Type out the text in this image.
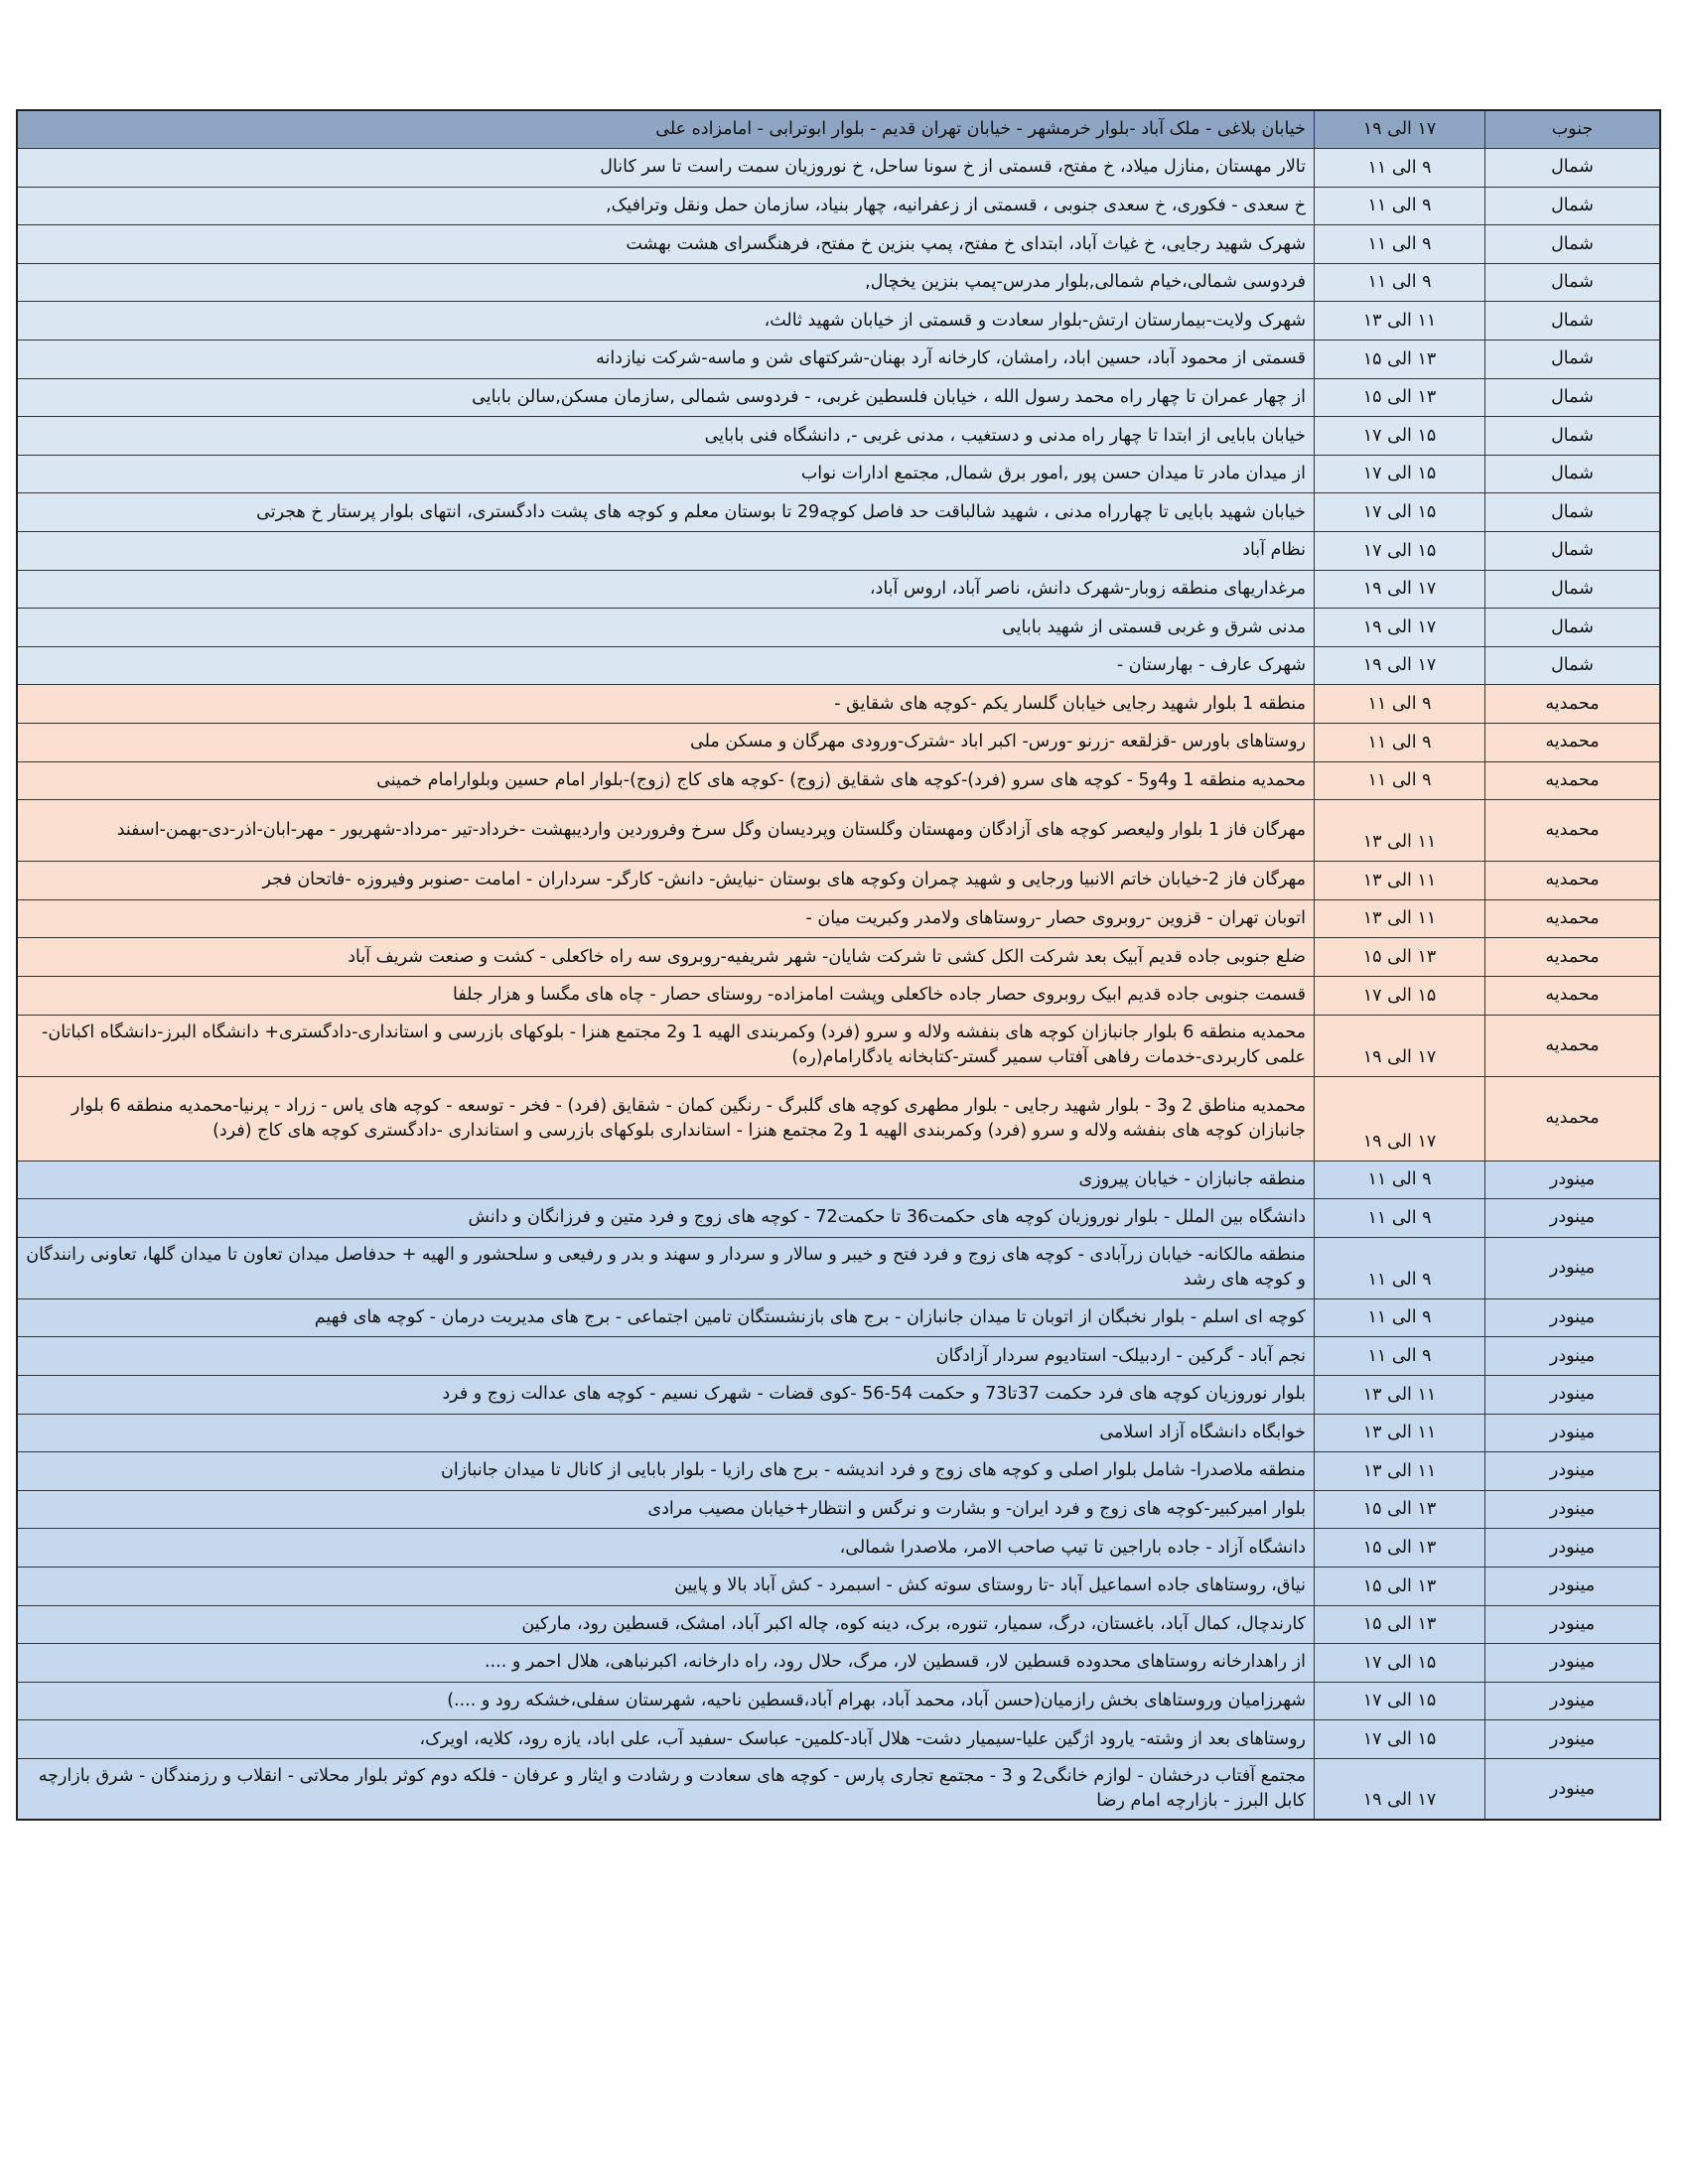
جنوب	۱۷ الی ۱۹	خیابان بلاغی - ملک آباد -بلوار خرمشهر - خیابان تهران قدیم - بلوار ابوترابی - امامزاده علی
شمال	۹ الی ۱۱	تالار مهستان ,منازل میلاد، خ مفتح، قسمتی از خ سونا ساحل، خ نوروزیان سمت راست تا سر کانال
شمال	۹ الی ۱۱	خ سعدی - فکوری، خ سعدی جنوبی ، قسمتی از زعفرانیه، چهار بنیاد، سازمان حمل ونقل وترافیک,
شمال	۹ الی ۱۱	شهرک شهید رجایی، خ غیاث آباد، ابتدای خ مفتح، پمپ بنزین خ مفتح، فرهنگسرای هشت بهشت
شمال	۹ الی ۱۱	فردوسی شمالی،خیام شمالی,بلوار مدرس-پمپ بنزین یخچال,
شمال	۱۱ الی ۱۳	شهرک ولایت-بیمارستان ارتش-بلوار سعادت و قسمتی از خیابان شهید ثالث،
شمال	۱۳ الی ۱۵	قسمتی از محمود آباد، حسین اباد، رامشان، کارخانه آرد بهنان-شرکتهای شن و ماسه-شرکت نیازدانه
شمال	۱۳ الی ۱۵	از چهار عمران تا چهار راه محمد رسول الله ، خیابان فلسطین غربی، - فردوسی شمالی ,سازمان مسکن,سالن بابایی
شمال	۱۵ الی ۱۷	خیابان بابایی از ابتدا تا چهار راه مدنی و دستغیب ، مدنی غربی -, دانشگاه فنی بابایی
شمال	۱۵ الی ۱۷	از میدان مادر تا میدان حسن پور ,امور برق شمال, مجتمع ادارات نواب
شمال	۱۵ الی ۱۷	خیابان شهید بابایی تا چهارراه مدنی ، شهید شالباقت حد فاصل کوچه29 تا بوستان معلم و کوچه های پشت دادگستری، انتهای بلوار پرستار خ هجرتی
شمال	۱۵ الی ۱۷	نظام آباد
شمال	۱۷ الی ۱۹	مرغداریهای منطقه زوبار-شهرک دانش، ناصر آباد، اروس آباد،
شمال	۱۷ الی ۱۹	مدنی شرق و غربی قسمتی از شهید بابایی
شمال	۱۷ الی ۱۹	شهرک عارف - بهارستان -
محمدیه	۹ الی ۱۱	منطقه 1 بلوار شهید رجایی خیابان گلسار یکم -کوچه های شقایق -
محمدیه	۹ الی ۱۱	روستاهای باورس -قزلقعه -زرنو -ورس- اکبر اباد -شترک-ورودی مهرگان و مسکن ملی
محمدیه	۹ الی ۱۱	محمدیه منطقه 1 و4و5 - کوچه های سرو (فرد)-کوچه های شقایق (زوج) -کوچه های کاج (زوج)-بلوار امام حسین وبلوارامام خمینی
محمدیه	۱۱ الی ۱۳	مهرگان فاز 1 بلوار ولیعصر کوچه های آزادگان ومهستان وگلستان وپردیسان وگل سرخ وفروردین واردیبهشت -خرداد-تیر -مرداد-شهریور - مهر-ابان-اذر-دی-بهمن-اسفند
محمدیه	۱۱ الی ۱۳	مهرگان فاز 2-خیابان خاتم الانبیا ورجایی و شهید چمران وکوچه های بوستان -نیایش- دانش- کارگر- سرداران - امامت -صنوبر وفیروزه -فاتحان فجر
محمدیه	۱۱ الی ۱۳	اتوبان تهران - قزوین -روبروی حصار -روستاهای ولامدر وکبریت میان -
محمدیه	۱۳ الی ۱۵	ضلع جنوبی جاده قدیم آبیک بعد شرکت الکل کشی تا شرکت شایان- شهر شریفیه-روبروی سه راه خاکعلی - کشت و صنعت شریف آباد
محمدیه	۱۵ الی ۱۷	قسمت جنوبی جاده قدیم ابیک روبروی حصار جاده خاکعلی وپشت امامزاده- روستای حصار - چاه های مگسا و هزار جلفا
محمدیه	۱۷ الی ۱۹	محمدیه منطقه 6 بلوار جانبازان کوچه های بنفشه ولاله و سرو (فرد) وکمربندی الهیه 1 و2 مجتمع هنزا - بلوکهای بازرسی و استانداری-دادگستری+ دانشگاه البرز-دانشگاه اکباتان-علمی کاربردی-خدمات رفاهی آفتاب سمیر گستر-کتابخانه یادگارامام(ره)
محمدیه	۱۷ الی ۱۹	محمدیه مناطق 2 و3 - بلوار شهید رجایی - بلوار مطهری کوچه های گلبرگ - رنگین کمان - شقایق (فرد) - فخر - توسعه - کوچه های یاس - زراد - پرنیا-محمدیه منطقه 6 بلوار جانبازان کوچه های بنفشه ولاله و سرو (فرد) وکمربندی الهیه 1 و2 مجتمع هنزا - استانداری بلوکهای بازرسی و استانداری -دادگستری کوچه های کاج (فرد)
مینودر	۹ الی ۱۱	منطقه جانبازان - خیابان پیروزی
مینودر	۹ الی ۱۱	دانشگاه بین الملل - بلوار نوروزیان کوچه های حکمت36 تا حکمت72 - کوچه های زوج و فرد متین و فرزانگان و دانش
مینودر	۹ الی ۱۱	منطقه مالکانه- خیابان زرآبادی - کوچه های زوج و فرد فتح و خیبر و سالار و سردار و سهند و بدر و رفیعی و سلحشور و الهیه + حدفاصل میدان تعاون تا میدان گلها، تعاونی رانندگان و کوچه های رشد
مینودر	۹ الی ۱۱	کوچه ای اسلم - بلوار نخبگان از اتوبان تا میدان جانبازان - برج های بازنشستگان تامین اجتماعی - برج های مدیریت درمان - کوچه های فهیم
مینودر	۹ الی ۱۱	نجم آباد - گرکین - اردبیلک- استادیوم سردار آزادگان
مینودر	۱۱ الی ۱۳	بلوار نوروزیان کوچه های فرد حکمت 37تا73 و حکمت 54-56 -کوی قضات - شهرک نسیم - کوچه های عدالت زوج و فرد
مینودر	۱۱ الی ۱۳	خوابگاه دانشگاه آزاد اسلامی
مینودر	۱۱ الی ۱۳	منطقه ملاصدرا- شامل بلوار اصلی و کوچه های زوج و فرد اندیشه - برج های رازیا - بلوار بابایی از کانال تا میدان جانبازان
مینودر	۱۳ الی ۱۵	بلوار امیرکبیر-کوچه های زوج و فرد ایران- و بشارت و نرگس و انتظار+خیابان مصیب مرادی
مینودر	۱۳ الی ۱۵	دانشگاه آزاد - جاده باراجین تا تیپ صاحب الامر، ملاصدرا شمالی،
مینودر	۱۳ الی ۱۵	نیاق، روستاهای جاده اسماعیل آباد -تا روستای سوته کش - اسبمرد - کش آباد بالا و پایین
مینودر	۱۳ الی ۱۵	کارندچال، کمال آباد، باغستان، درگ، سمیار، تنوره، برک، دینه کوه، چاله اکبر آباد، امشک، قسطین رود، مارکین
مینودر	۱۵ الی ۱۷	از راهدارخانه روستاهای محدوده قسطین لار، قسطین لار، مرگ، حلال رود، راه دارخانه، اکبرنباهی، هلال احمر و ....
مینودر	۱۵ الی ۱۷	شهرزامیان وروستاهای بخش رازمیان(حسن آباد، محمد آباد، بهرام آباد،قسطین ناحیه، شهرستان سفلی،خشکه رود و ....)
مینودر	۱۵ الی ۱۷	روستاهای بعد از وشته- یارود اژگین علیا-سیمیار دشت- هلال آباد-کلمین- عباسک -سفید آب، علی اباد، یازه رود، کلایه، اویرک،
مینودر	۱۷ الی ۱۹	مجتمع آفتاب درخشان - لوازم خانگی2 و 3 - مجتمع تجاری پارس - کوچه های سعادت و رشادت و ایثار و عرفان - فلکه دوم کوثر بلوار محلاتی - انقلاب و رزمندگان - شرق بازارچه کابل البرز - بازارچه امام رضا
